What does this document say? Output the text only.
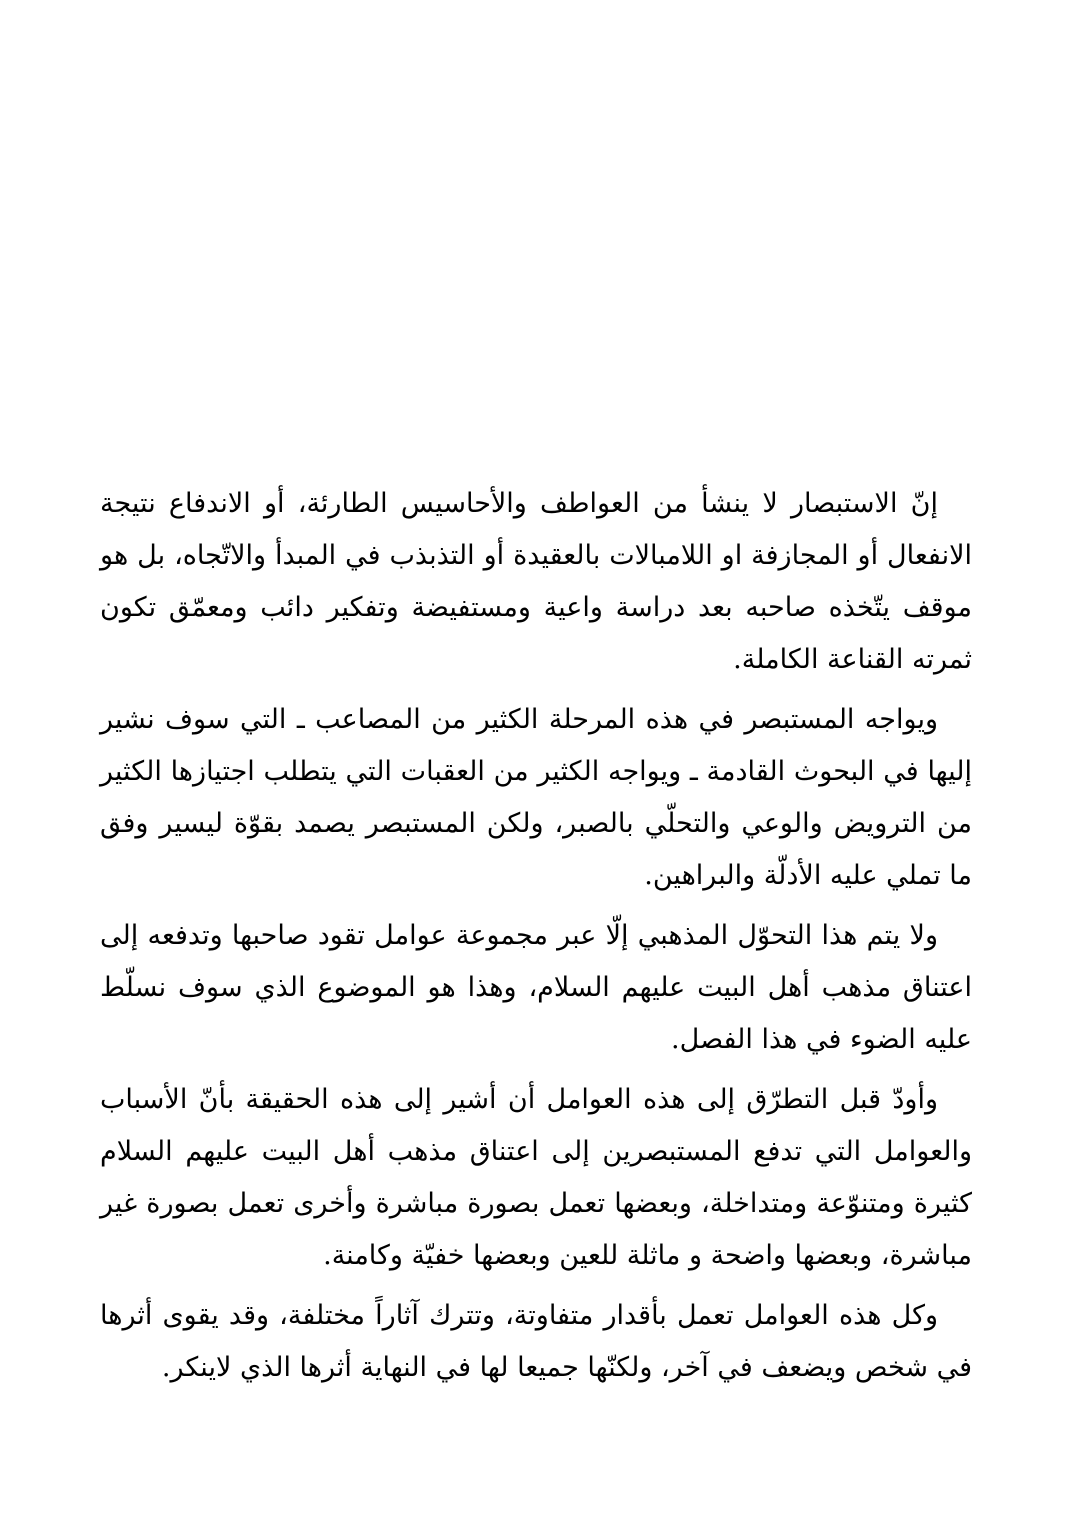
إنّ الاستبصار لا ينشأ من العواطف والأحاسيس الطارئة، أو الاندفاع نتيجة الانفعال أو المجازفة او اللامبالات بالعقيدة أو التذبذب في المبدأ والاتّجاه، بل هو موقف يتّخذه صاحبه بعد دراسة واعية ومستفيضة وتفكير دائب ومعمّق تكون ثمرته القناعة الكاملة.

ويواجه المستبصر في هذه المرحلة الكثير من المصاعب ـ التي سوف نشير إليها في البحوث القادمة ـ ويواجه الكثير من العقبات التي يتطلب اجتيازها الكثير من الترويض والوعي والتحلّي بالصبر، ولكن المستبصر يصمد بقوّة ليسير وفق ما تملي عليه الأدلّة والبراهين.

ولا يتم هذا التحوّل المذهبي إلّا عبر مجموعة عوامل تقود صاحبها وتدفعه إلى اعتناق مذهب أهل البيت عليهم السلام، وهذا هو الموضوع الذي سوف نسلّط عليه الضوء في هذا الفصل.

وأودّ قبل التطرّق إلى هذه العوامل أن أشير إلى هذه الحقيقة بأنّ الأسباب والعوامل التي تدفع المستبصرين إلى اعتناق مذهب أهل البيت عليهم السلام كثيرة ومتنوّعة ومتداخلة، وبعضها تعمل بصورة مباشرة وأخرى تعمل بصورة غير مباشرة، وبعضها واضحة و ماثلة للعين وبعضها خفيّة وكامنة.

وكل هذه العوامل تعمل بأقدار متفاوتة، وتترك آثاراً مختلفة، وقد يقوى أثرها في شخص ويضعف في آخر، ولكنّها جميعا لها في النهاية أثرها الذي لاينكر.
